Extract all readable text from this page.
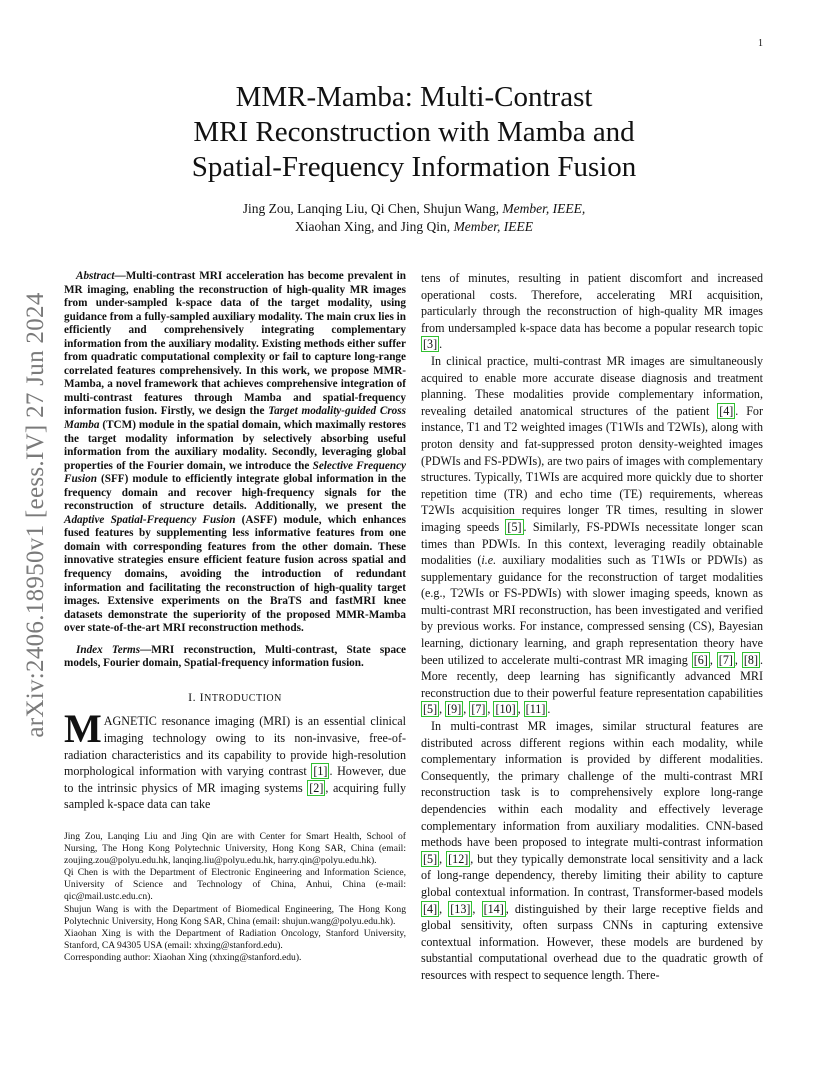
1
arXiv:2406.18950v1 [eess.IV] 27 Jun 2024
MMR-Mamba: Multi-Contrast
MRI Reconstruction with Mamba and
Spatial-Frequency Information Fusion
Jing Zou, Lanqing Liu, Qi Chen, Shujun Wang, Member, IEEE,
Xiaohan Xing, and Jing Qin, Member, IEEE

Abstract—Multi-contrast MRI acceleration has become prevalent in MR imaging, enabling the reconstruction of high-quality MR images from under-sampled k-space data of the target modality, using guidance from a fully-sampled auxiliary modality. The main crux lies in efficiently and comprehensively integrating complementary information from the auxiliary modality. Existing methods either suffer from quadratic computational complexity or fail to capture long-range correlated features comprehensively. In this work, we propose MMR-Mamba, a novel framework that achieves comprehensive integration of multi-contrast features through Mamba and spatial-frequency information fusion. Firstly, we design the Target modality-guided Cross Mamba (TCM) module in the spatial domain, which maximally restores the target modality information by selectively absorbing useful information from the auxiliary modality. Secondly, leveraging global properties of the Fourier domain, we introduce the Selective Frequency Fusion (SFF) module to efficiently integrate global information in the frequency domain and recover high-frequency signals for the reconstruction of structure details. Additionally, we present the Adaptive Spatial-Frequency Fusion (ASFF) module, which enhances fused features by supplementing less informative features from one domain with corresponding features from the other domain. These innovative strategies ensure efficient feature fusion across spatial and frequency domains, avoiding the introduction of redundant information and facilitating the reconstruction of high-quality target images. Extensive experiments on the BraTS and fastMRI knee datasets demonstrate the superiority of the proposed MMR-Mamba over state-of-the-art MRI reconstruction methods.

Index Terms—MRI reconstruction, Multi-contrast, State space models, Fourier domain, Spatial-frequency information fusion.

I. INTRODUCTION

MAGNETIC resonance imaging (MRI) is an essential clinical imaging technology owing to its non-invasive, free-of-radiation characteristics and its capability to provide high-resolution morphological information with varying contrast [1] . However, due to the intrinsic physics of MR imaging systems [2] , acquiring fully sampled k-space data can take

Jing Zou, Lanqing Liu and Jing Qin are with Center for Smart Health, School of Nursing, The Hong Kong Polytechnic University, Hong Kong SAR, China (email: zoujing.zou@polyu.edu.hk, lanqing.liu@polyu.edu.hk, harry.qin@polyu.edu.hk).

Qi Chen is with the Department of Electronic Engineering and Information Science, University of Science and Technology of China, Anhui, China (e-mail: qic@mail.ustc.edu.cn).

Shujun Wang is with the Department of Biomedical Engineering, The Hong Kong Polytechnic University, Hong Kong SAR, China (email: shujun.wang@polyu.edu.hk).

Xiaohan Xing is with the Department of Radiation Oncology, Stanford University, Stanford, CA 94305 USA (email: xhxing@stanford.edu).

Corresponding author: Xiaohan Xing (xhxing@stanford.edu).

tens of minutes, resulting in patient discomfort and increased operational costs. Therefore, accelerating MRI acquisition, particularly through the reconstruction of high-quality MR images from undersampled k-space data has become a popular research topic [3] .

In clinical practice, multi-contrast MR images are simultaneously acquired to enable more accurate disease diagnosis and treatment planning. These modalities provide complementary information, revealing detailed anatomical structures of the patient [4] . For instance, T1 and T2 weighted images (T1WIs and T2WIs), along with proton density and fat-suppressed proton density-weighted images (PDWIs and FS-PDWIs), are two pairs of images with complementary structures. Typically, T1WIs are acquired more quickly due to shorter repetition time (TR) and echo time (TE) requirements, whereas T2WIs acquisition requires longer TR times, resulting in slower imaging speeds [5] . Similarly, FS-PDWIs necessitate longer scan times than PDWIs. In this context, leveraging readily obtainable modalities (i.e. auxiliary modalities such as T1WIs or PDWIs) as supplementary guidance for the reconstruction of target modalities (e.g., T2WIs or FS-PDWIs) with slower imaging speeds, known as multi-contrast MRI reconstruction, has been investigated and verified by previous works. For instance, compressed sensing (CS), Bayesian learning, dictionary learning, and graph representation theory have been utilized to accelerate multi-contrast MR imaging [6] , [7] , [8] . More recently, deep learning has significantly advanced MRI reconstruction due to their powerful feature representation capabilities [5] , [9] , [7] , [10] , [11] .

In multi-contrast MR images, similar structural features are distributed across different regions within each modality, while complementary information is provided by different modalities. Consequently, the primary challenge of the multi-contrast MRI reconstruction task is to comprehensively explore long-range dependencies within each modality and effectively leverage complementary information from auxiliary modalities. CNN-based methods have been proposed to integrate multi-contrast information [5] , [12] , but they typically demonstrate local sensitivity and a lack of long-range dependency, thereby limiting their ability to capture global contextual information. In contrast, Transformer-based models [4] , [13] , [14] , distinguished by their large receptive fields and global sensitivity, often surpass CNNs in capturing extensive contextual information. However, these models are burdened by substantial computational overhead due to the quadratic growth of resources with respect to sequence length. There-
